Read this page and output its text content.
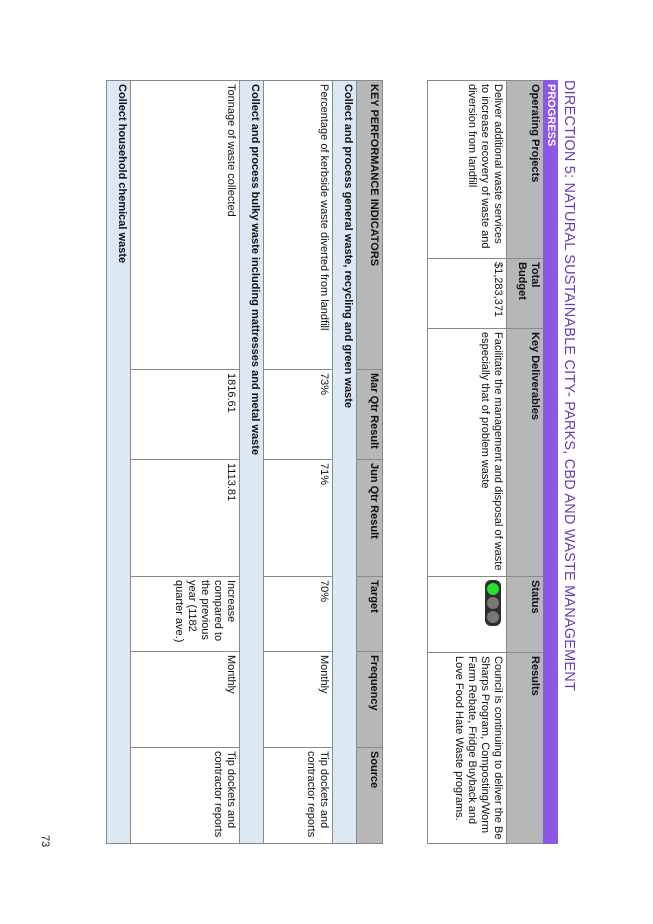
DIRECTION 5: NATURAL SUSTAINABLE CITY- PARKS, CBD AND WASTE MANAGEMENT
PROGRESS				
Operating Projects	Total Budget	Key Deliverables	Status	Results
Deliver additional waste services to increase recovery of waste and diversion from landfill	$1,283,371	Facilitate the management and disposal of waste especially that of problem waste		Council is continuing to deliver the Be Sharps Program, Composting/Worm Farm Rebate, Fridge Buyback and Love Food Hate Waste programs.
KEY PERFORMANCE INDICATORS	Mar Qtr Result	Jun Qtr Result	Target	Frequency	Source
Collect and process general waste, recycling and green waste					
Percentage of kerbside waste diverted from landfill	73%	71%	70%	Monthly	Tip dockets and contractor reports
Collect and process bulky waste including mattresses and metal waste					
Tonnage of waste collected	1816.61	1113.81	Increase compared to the previous year (1182 quarter ave.)	Monthly	Tip dockets and contractor reports
Collect household chemical waste					
73
